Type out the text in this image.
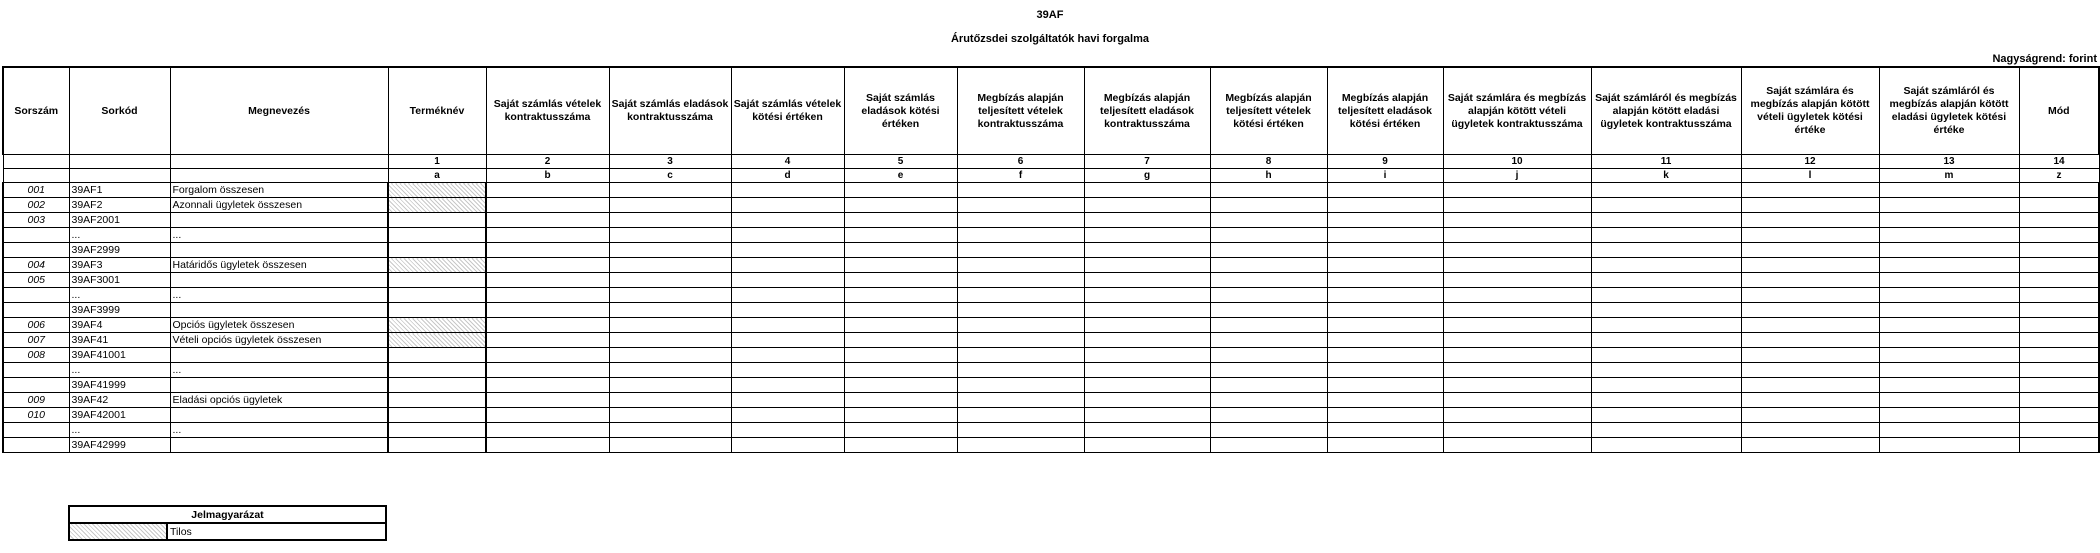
39AF
Árutőzsdei szolgáltatók havi forgalma
Nagyságrend: forint
Sorszám	Sorkód	Megnevezés	Terméknév	Saját számlás vételek kontraktusszáma	Saját számlás eladások kontraktusszáma	Saját számlás vételek kötési értéken	Saját számlás eladások kötési értéken	Megbízás alapján teljesített vételek kontraktusszáma	Megbízás alapján teljesített eladások kontraktusszáma	Megbízás alapján teljesített vételek kötési értéken	Megbízás alapján teljesített eladások kötési értéken	Saját számlára és megbízás alapján kötött vételi ügyletek kontraktusszáma	Saját számláról és megbízás alapján kötött eladási ügyletek kontraktusszáma	Saját számlára és megbízás alapján kötött vételi ügyletek kötési értéke	Saját számláról és megbízás alapján kötött eladási ügyletek kötési értéke	Mód
			1	2	3	4	5	6	7	8	9	10	11	12	13	14
			a	b	c	d	e	f	g	h	i	j	k	l	m	z
001	39AF1	Forgalom összesen														
002	39AF2	Azonnali ügyletek összesen														
003	39AF2001															
	...	...														
	39AF2999															
004	39AF3	Határidős ügyletek összesen														
005	39AF3001															
	...	...														
	39AF3999															
006	39AF4	Opciós ügyletek összesen														
007	39AF41	Vételi opciós ügyletek összesen														
008	39AF41001															
	...	...														
	39AF41999															
009	39AF42	Eladási opciós ügyletek														
010	39AF42001															
	...	...														
	39AF42999															
Jelmagyarázat
	Tilos
